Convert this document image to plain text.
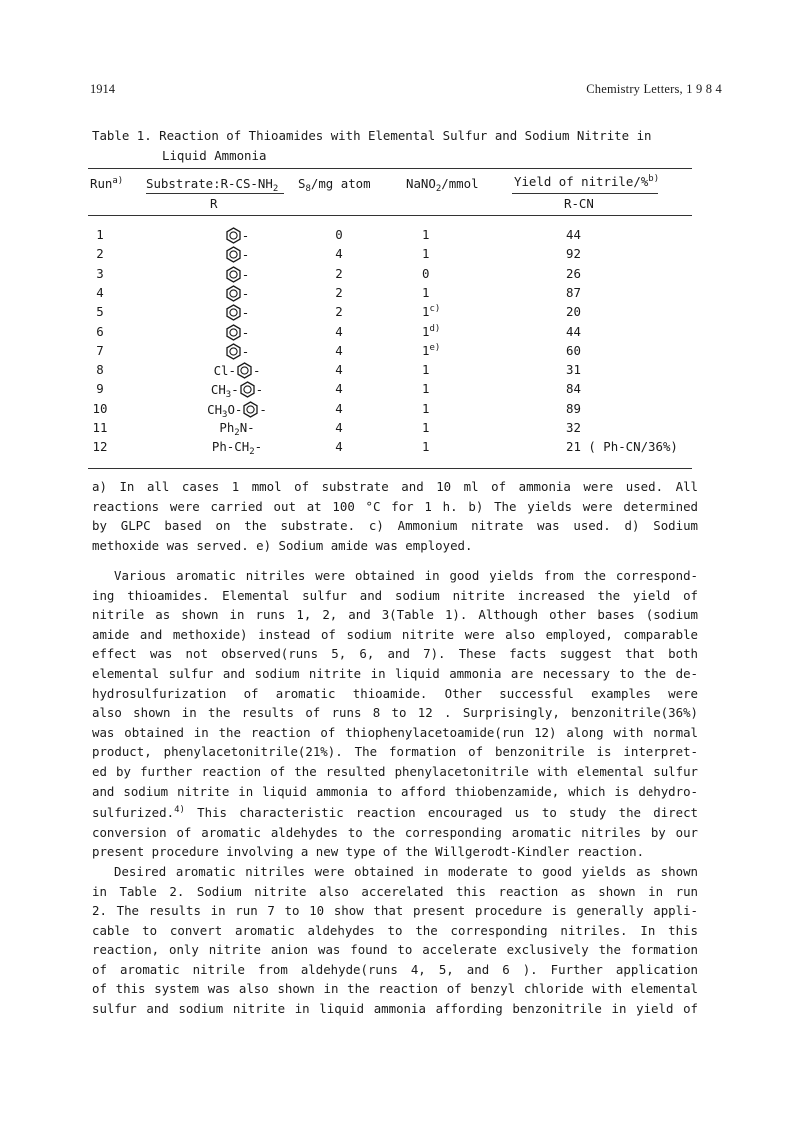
1914	Chemistry Letters, 1 9 8 4
Table 1. Reaction of Thioamides with Elemental Sulfur and Sodium Nitrite in
Liquid Ammonia
Run$^{a)}$ $Substrate:R-CS-NH_2$
R
$S_8/mg$ atom	NaNO$_2$/mmol	Yield of nitrile/%$^{b)}$
R-CN
1	-	0	1	44
2	-	4	1	92
3	-	2	0	26
4	-	2	1	87
5	-	2	1$^{c)}$	20
6	-	4	1$^{d)}$	44
7	-	4	1$^{e)}$	60
8	Cl- -	4	1	31
9	$CH_3-$ -	4	1	84
10	$CH_3O-$ -	4	1	89
11	$Ph_2N-$	4	1	32
12	$Ph-CH_2-$	4	1	21 ( Ph-CN/36%)
a) In all cases 1 mmol of substrate and 10 ml of ammonia were used. All
reactions were carried out at 100 °C for 1 h. b) The yields were determined
by GLPC based on the substrate. c) Ammonium nitrate was used. d) Sodium
methoxide was served. e) Sodium amide was employed.
Various aromatic nitriles were obtained in good yields from the correspond-
ing thioamides. Elemental sulfur and sodium nitrite increased the yield of
nitrile as shown in runs 1, 2, and 3(Table 1). Although other bases (sodium
amide and methoxide) instead of sodium nitrite were also employed, comparable
effect was not observed(runs 5, 6, and 7). These facts suggest that both
elemental sulfur and sodium nitrite in liquid ammonia are necessary to the de-
hydrosulfurization of aromatic thioamide. Other successful examples were
also shown in the results of runs 8 to 12 . Surprisingly, benzonitrile(36%)
was obtained in the reaction of thiophenylacetoamide(run 12) along with normal
product, phenylacetonitrile(21%). The formation of benzonitrile is interpret-
ed by further reaction of the resulted phenylacetonitrile with elemental sulfur
and sodium nitrite in liquid ammonia to afford thiobenzamide, which is dehydro-
sulfurized.$^{4)}$ This characteristic reaction encouraged us to study the direct
conversion of aromatic aldehydes to the corresponding aromatic nitriles by our
present procedure involving a new type of the Willgerodt-Kindler reaction.
Desired aromatic nitriles were obtained in moderate to good yields as shown
in Table 2. Sodium nitrite also accerelated this reaction as shown in run
2. The results in run 7 to 10 show that present procedure is generally appli-
cable to convert aromatic aldehydes to the corresponding nitriles. In this
reaction, only nitrite anion was found to accelerate exclusively the formation
of aromatic nitrile from aldehyde(runs 4, 5, and 6 ). Further application
of this system was also shown in the reaction of benzyl chloride with elemental
sulfur and sodium nitrite in liquid ammonia affording benzonitrile in yield of
